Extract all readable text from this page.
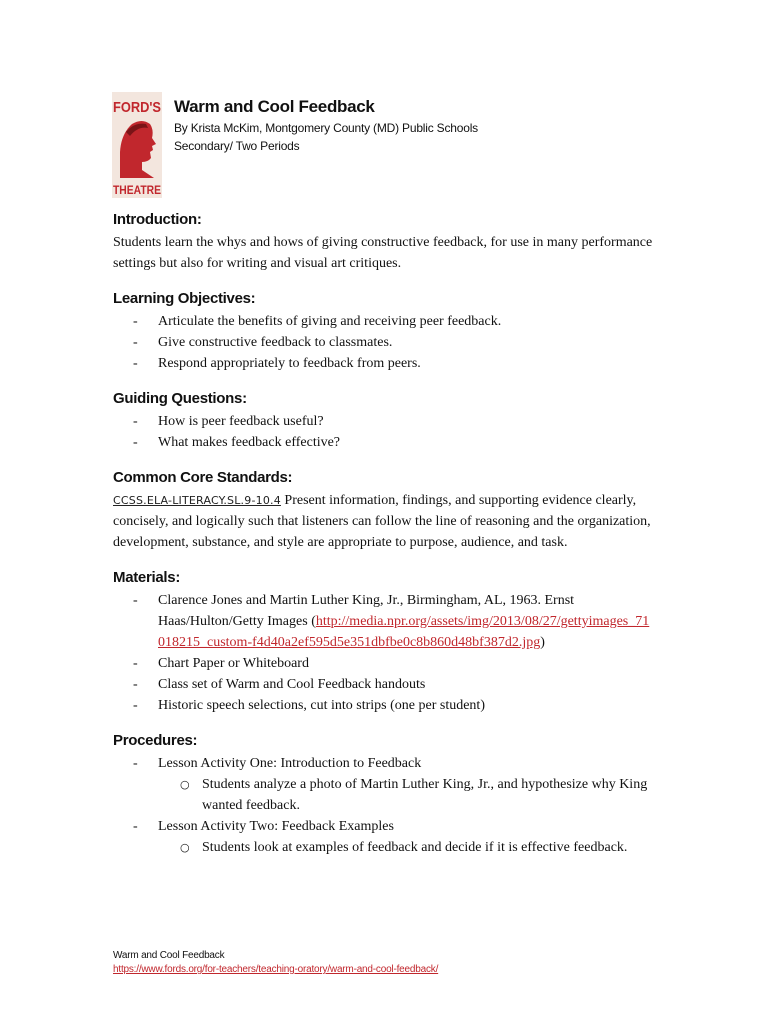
FORD'S
THEATRE
Warm and Cool Feedback

By Krista McKim, Montgomery County (MD) Public Schools

Secondary/ Two Periods

Introduction:

Students learn the whys and hows of giving constructive feedback, for use in many performance settings but also for writing and visual art critiques.

Learning Objectives:
- Articulate the benefits of giving and receiving peer feedback.
- Give constructive feedback to classmates.
- Respond appropriately to feedback from peers.
Guiding Questions:
- How is peer feedback useful?
- What makes feedback effective?
Common Core Standards:

CCSS.ELA-LITERACY.SL.9-10.4 Present information, findings, and supporting evidence clearly, concisely, and logically such that listeners can follow the line of reasoning and the organization, development, substance, and style are appropriate to purpose, audience, and task.

Materials:
- Clarence Jones and Martin Luther King, Jr., Birmingham, AL, 1963. Ernst Haas/Hulton/Getty Images (http://media.npr.org/assets/img/2013/08/27/gettyimages_71018215_custom-f4d40a2ef595d5e351dbfbe0c8b860d48bf387d2.jpg)
- Chart Paper or Whiteboard
- Class set of Warm and Cool Feedback handouts
- Historic speech selections, cut into strips (one per student)
Procedures:
- Lesson Activity One: Introduction to Feedback
○ Students analyze a photo of Martin Luther King, Jr., and hypothesize why King wanted feedback.
- Lesson Activity Two: Feedback Examples
○ Students look at examples of feedback and decide if it is effective feedback.
Warm and Cool Feedback
https://www.fords.org/for-teachers/teaching-oratory/warm-and-cool-feedback/
